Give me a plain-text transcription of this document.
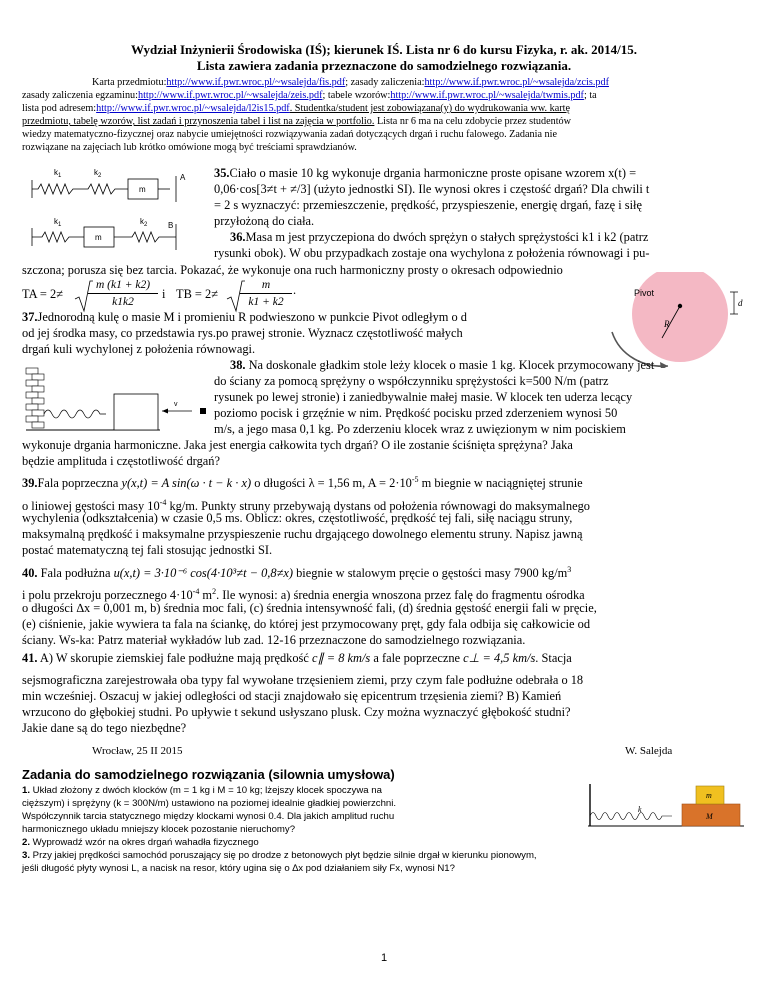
Wydział Inżynierii Środowiska (IŚ); kierunek IŚ. Lista nr 6 do kursu Fizyka, r. ak. 2014/15.
Lista zawiera zadania przeznaczone do samodzielnego rozwiązania.
Karta przedmiotu:http://www.if.pwr.wroc.pl/~wsalejda/fis.pdf; zasady zaliczenia:http://www.if.pwr.wroc.pl/~wsalejda/zcis.pdf
zasady zaliczenia egzaminu:http://www.if.pwr.wroc.pl/~wsalejda/zeis.pdf; tabele wzorów:http://www.if.pwr.wroc.pl/~wsalejda/twmis.pdf; ta
lista pod adresem:http://www.if.pwr.wroc.pl/~wsalejda/l2is15.pdf. Studentka/student jest zobowiązana(y) do wydrukowania ww. kartę
przedmiotu, tabelę wzorów, list zadań i przynoszenia tabel i list na zajęcia w portfolio. Lista nr 6 ma na celu zdobycie przez studentów
wiedzy matematyczno-fizycznej oraz nabycie umiejętności rozwiązywania zadań dotyczących drgań i ruchu falowego. Zadania nie
rozwiązane na zajęciach lub krótko omówione mogą być treściami sprawdzianów.
$k_1$	$k_2$
m
A
$k_1$	$k_2$
m
B
35.Ciało o masie 10 kg wykonuje drgania harmoniczne proste opisane wzorem x(t) =
0,06·cos[3≠t + ≠/3] (użyto jednostki SI). Ile wynosi okres i częstość drgań? Dla chwili t
= 2 s wyznaczyć: przemieszczenie, prędkość, przyspieszenie, energię drgań, fazę i siłę
przyłożoną do ciała.
36.Masa m jest przyczepiona do dwóch sprężyn o stałych sprężystości k1 i k2 (patrz
rysunki obok). W obu przypadkach zostaje ona wychylona z położenia równowagi i pu-
szczona; porusza się bez tarcia. Pokazać, że wykonuje ona ruch harmoniczny prosty o okresach odpowiednio
TA = 2≠
m (k1 + k2)
k1k2
i TB = 2≠
m
k1 + k2
.	Pivot
R
d
37.Jednorodną kulę o masie M i promieniu R podwieszono w punkcie Pivot odległym o d
od jej środka masy, co przedstawia rys.po prawej stronie. Wyznacz częstotliwość małych
drgań kuli wychylonej z położenia równowagi.
v
38. Na doskonale gładkim stole leży klocek o masie 1 kg. Klocek przymocowany jest
do ściany za pomocą sprężyny o współczynniku sprężystości k=500 N/m (patrz
rysunek po lewej stronie) i zaniedbywalnie małej masie. W klocek ten uderza lecący
poziomo pocisk i grzęźnie w nim. Prędkość pocisku przed zderzeniem wynosi 50
m/s, a jego masa 0,1 kg. Po zderzeniu klocek wraz z uwięzionym w nim pociskiem
wykonuje drgania harmoniczne. Jaka jest energia całkowita tych drgań? O ile zostanie ściśnięta sprężyna? Jaka
będzie amplituda i częstotliwość drgań?
39.Fala poprzeczna y(x,t) = A sin(ω · t − k · x) o długości λ = 1,56 m, $A = 2\cdot 10^{-5}$ m biegnie w naciągniętej strunie
o liniowej gęstości masy $10^{-4}$ kg/m. Punkty struny przebywają dystans od położenia równowagi do maksymalnego
wychylenia (odkształcenia) w czasie 0,5 ms. Oblicz: okres, częstotliwość, prędkość tej fali, siłę naciągu struny,
maksymalną prędkość i maksymalne przyspieszenie ruchu drgającego dowolnego elementu struny. Napisz jawną
postać matematyczną tej fali stosując jednostki SI.
40. Fala podłużna u(x,t) = 3·10⁻⁶ cos(4·10³≠t − 0,8≠x) biegnie w stalowym pręcie o gęstości masy 7900 $kg/m^3$
i polu przekroju porzecznego $4\cdot 10^{-4}$ $m^2$. Ile wynosi: a) średnia energia wnoszona przez falę do fragmentu ośrodka
o długości ∆x = 0,001 m, b) średnia moc fali, (c) średnia intensywność fali, (d) średnia gęstość energii fali w pręcie,
(e) ciśnienie, jakie wywiera ta fala na ściankę, do której jest przymocowany pręt, gdy fala odbija się całkowicie od
ściany. Ws-ka: Patrz materiał wykładów lub zad. 12-16 przeznaczone do samodzielnego rozwiązania.
41. A) W skorupie ziemskiej fale podłużne mają prędkość c∥ = 8 km/s a fale poprzeczne c⊥ = 4,5 km/s. Stacja
sejsmograficzna zarejestrowała oba typy fal wywołane trzęsieniem ziemi, przy czym fale podłużne odebrała o 18
min wcześniej. Oszacuj w jakiej odległości od stacji znajdowało się epicentrum trzęsienia ziemi? B) Kamień
wrzucono do głębokiej studni. Po upływie t sekund usłyszano plusk. Czy można wyznaczyć głębokość studni?
Jakie dane są do tego niezbędne?
Wrocław, 25 II 2015	W. Salejda
Zadania do samodzielnego rozwiązania (silownia umysłowa)
k
m
M
1. Układ złożony z dwóch klocków (m = 1 kg i M = 10 kg; lżejszy klocek spoczywa na
cięższym) i sprężyny (k = 300N/m) ustawiono na poziomej idealnie gładkiej powierzchni.
Współczynnik tarcia statycznego między klockami wynosi 0.4. Dla jakich amplitud ruchu
harmonicznego układu mniejszy klocek pozostanie nieruchomy?
2. Wyprowadź wzór na okres drgań wahadła fizycznego
3. Przy jakiej prędkości samochód poruszający się po drodze z betonowych płyt będzie silnie drgał w kierunku pionowym,
jeśli długość płyty wynosi L, a nacisk na resor, który ugina się o ∆x pod działaniem siły Fx, wynosi N1?
1
